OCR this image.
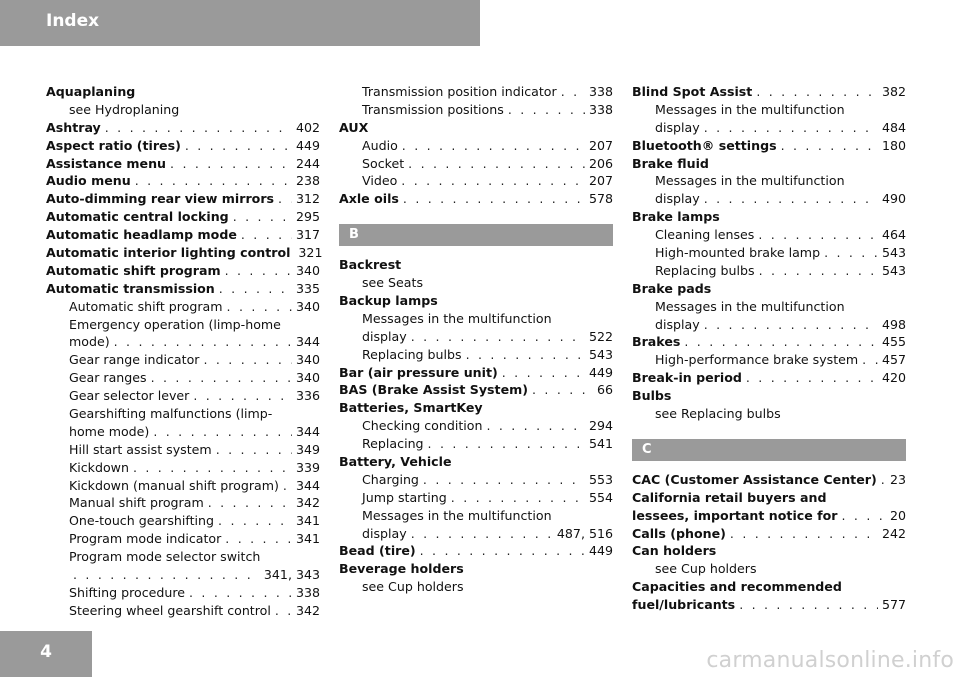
Index
Aquaplaning
see Hydroplaning
Ashtray . . .	402
Aspect ratio (tires) . . .	449
Assistance menu . . .	244
Audio menu . . .	238
Auto-dimming rear view mirrors . . . 312
Automatic central locking . . .	295
Automatic headlamp mode . . .	317
Automatic interior lighting control 321
Automatic shift program . . .	340
Automatic transmission . . .	335
Automatic shift program . . .	340
Emergency operation (limp-home
mode) . . .	344
Gear range indicator . . .	340
Gear ranges . . .	340
Gear selector lever . . .	336
Gearshifting malfunctions (limp-
home mode) . . .	344
Hill start assist system . . .	349
Kickdown . . .	339
Kickdown (manual shift program) . . . 344
Manual shift program . . .	342
One-touch gearshifting . . .	341
Program mode indicator . . .	341
Program mode selector switch
. . .
341, 343
Shifting procedure . . .	338
Steering wheel gearshift control . . . 342
Transmission position indicator . . .	338
Transmission positions . . .	338
AUX
Audio . . .	207
Socket . . .	206
Video . . .	207
Axle oils . . .	578
B
Backrest
see Seats
Backup lamps
Messages in the multifunction
display . . .	522
Replacing bulbs . . .	543
Bar (air pressure unit) . . .	449
BAS (Brake Assist System) . . .	66
Batteries, SmartKey
Checking condition . . .	294
Replacing . . .	541
Battery, Vehicle
Charging . . .	553
Jump starting . . .	554
Messages in the multifunction
display . . .	487, 516
Bead (tire) . . .	449
Beverage holders
see Cup holders
Blind Spot Assist . . .	382
Messages in the multifunction
display . . .	484
Bluetooth® settings . . .	180
Brake fluid
Messages in the multifunction
display . . .	490
Brake lamps
Cleaning lenses . . .	464
High-mounted brake lamp . . .	543
Replacing bulbs . . .	543
Brake pads
Messages in the multifunction
display . . .	498
Brakes . . .	455
High-performance brake system . . . 457
Break-in period . . .	420
Bulbs
see Replacing bulbs
C
CAC (Customer Assistance Center) . . . 23
California retail buyers and
lessees, important notice for . . .	20
Calls (phone) . . .	242
Can holders
see Cup holders
Capacities and recommended
fuel/lubricants . . .	577
4	carmanualsonline.info
